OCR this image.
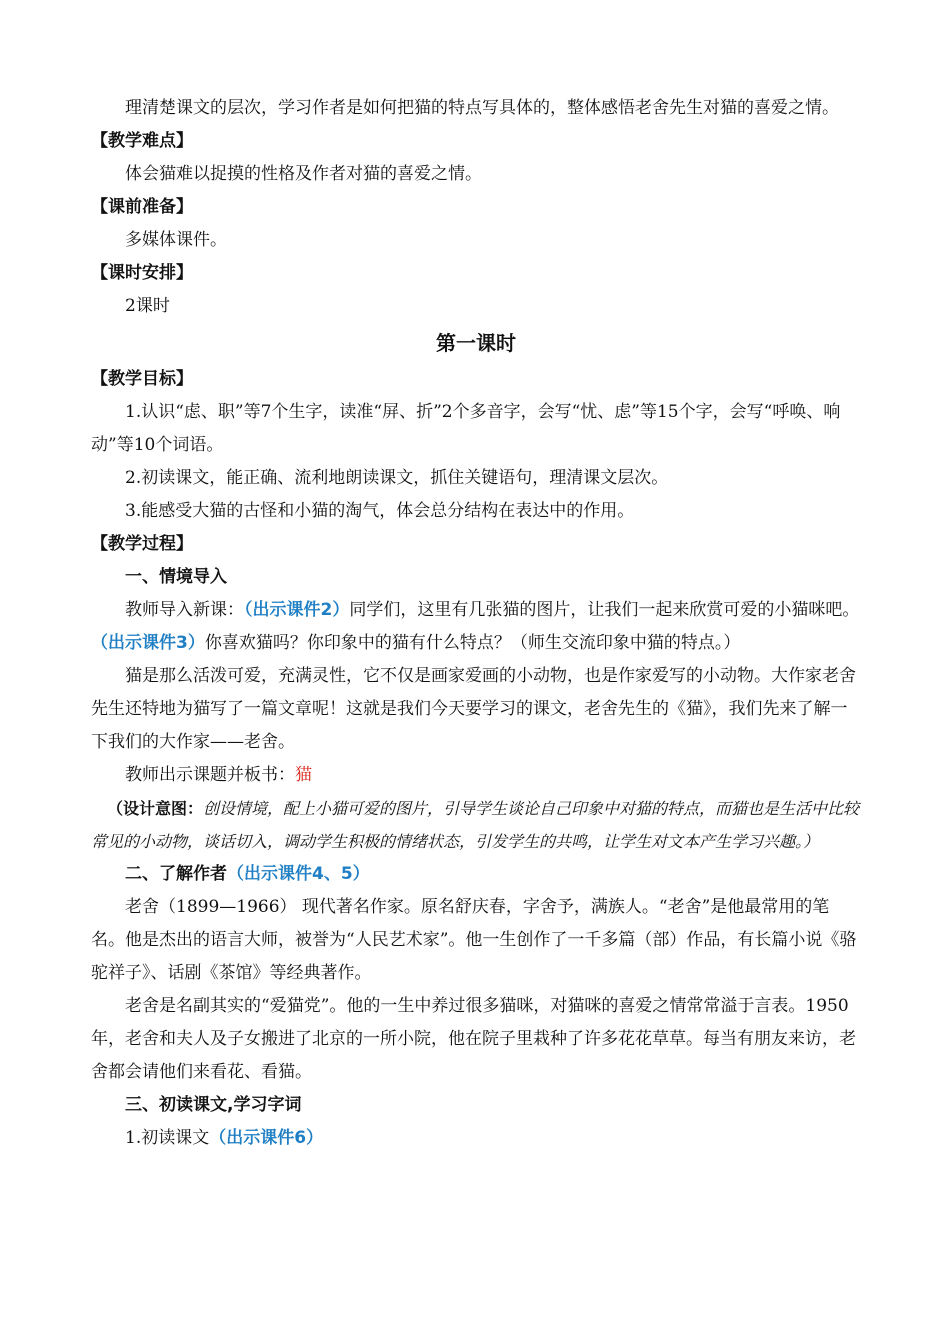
理清楚课文的层次，学习作者是如何把猫的特点写具体的，整体感悟老舍先生对猫的喜爱之情。

【教学难点】

体会猫难以捉摸的性格及作者对猫的喜爱之情。

【课前准备】

多媒体课件。

【课时安排】

2课时

第一课时

【教学目标】

1.认识“虑、职”等7个生字，读准“屏、折”2个多音字，会写“忧、虑”等15个字，会写“呼唤、响动”等10个词语。

2.初读课文，能正确、流利地朗读课文，抓住关键语句，理清课文层次。

3.能感受大猫的古怪和小猫的淘气，体会总分结构在表达中的作用。

【教学过程】

一、情境导入

教师导入新课：（出示课件2）同学们，这里有几张猫的图片，让我们一起来欣赏可爱的小猫咪吧。（出示课件3）你喜欢猫吗？你印象中的猫有什么特点？（师生交流印象中猫的特点。）

猫是那么活泼可爱，充满灵性，它不仅是画家爱画的小动物，也是作家爱写的小动物。大作家老舍先生还特地为猫写了一篇文章呢！这就是我们今天要学习的课文，老舍先生的《猫》，我们先来了解一下我们的大作家——老舍。

教师出示课题并板书：猫

（设计意图：创设情境，配上小猫可爱的图片，引导学生谈论自己印象中对猫的特点，而猫也是生活中比较常见的小动物，谈话切入，调动学生积极的情绪状态，引发学生的共鸣，让学生对文本产生学习兴趣。）

二、了解作者（出示课件4、5）

老舍（1899—1966） 现代著名作家。原名舒庆春，字舍予，满族人。“老舍”是他最常用的笔名。他是杰出的语言大师，被誉为“人民艺术家”。他一生创作了一千多篇（部）作品，有长篇小说《骆驼祥子》、话剧《茶馆》等经典著作。

老舍是名副其实的“爱猫党”。他的一生中养过很多猫咪，对猫咪的喜爱之情常常溢于言表。1950年，老舍和夫人及子女搬进了北京的一所小院，他在院子里栽种了许多花花草草。每当有朋友来访，老舍都会请他们来看花、看猫。

三、初读课文,学习字词

1.初读课文（出示课件6）
